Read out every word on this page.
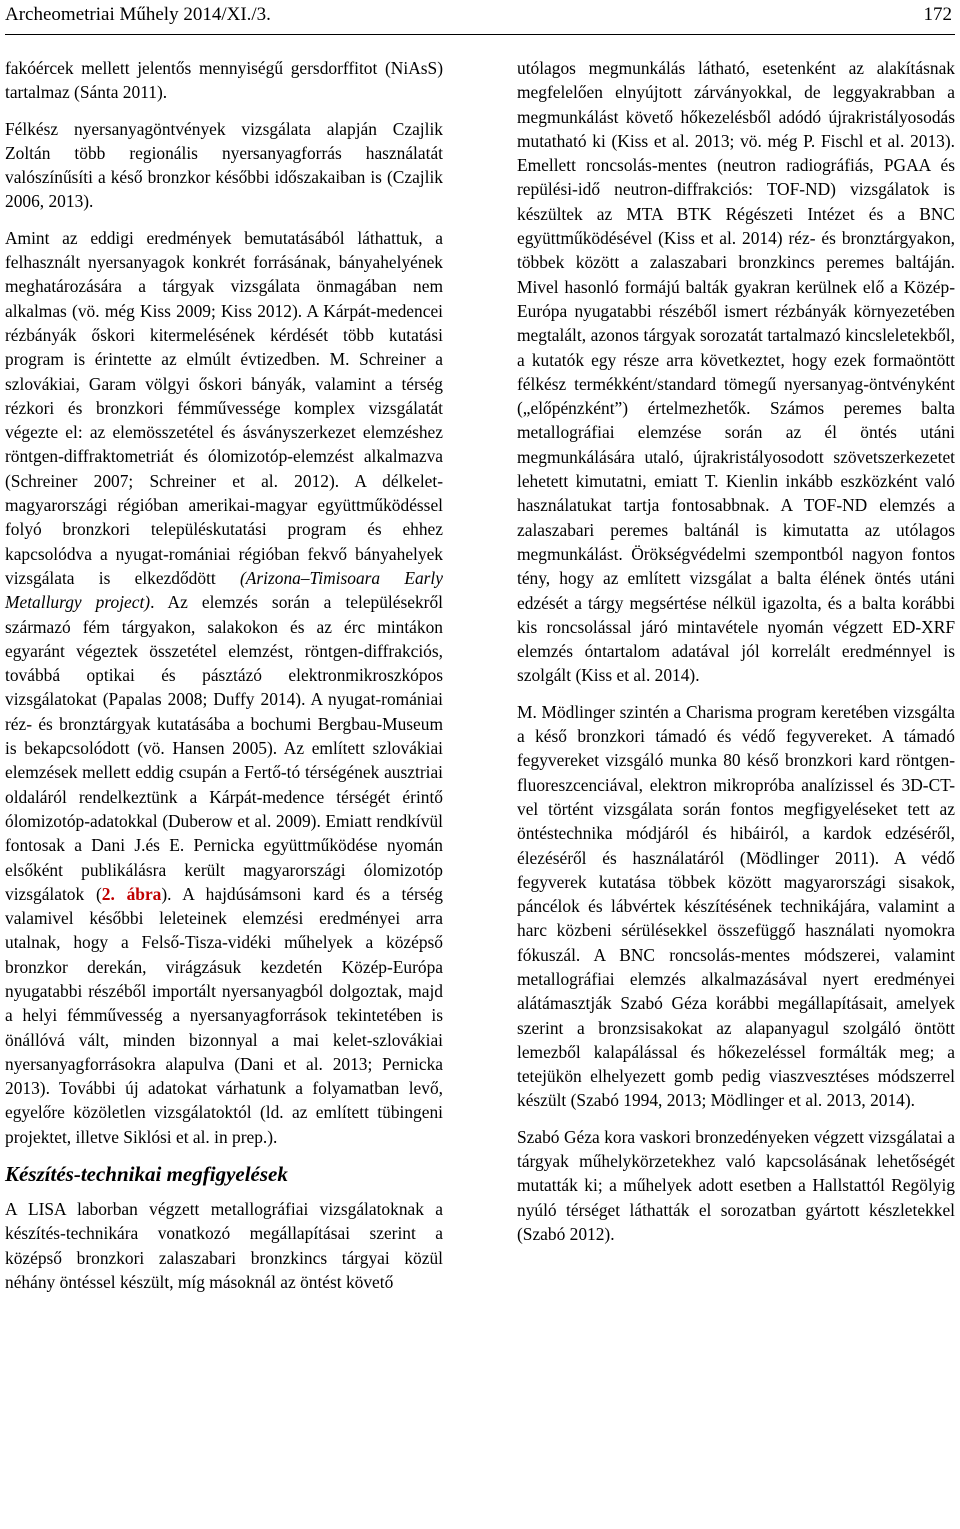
Archeometriai Műhely 2014/XI./3.	172

fakóércek mellett jelentős mennyiségű gersdorffitot (NiAsS) tartalmaz (Sánta 2011).

Félkész nyersanyagöntvények vizsgálata alapján Czajlik Zoltán több regionális nyersanyagforrás használatát valószínűsíti a késő bronzkor későbbi időszakaiban is (Czajlik 2006, 2013).

Amint az eddigi eredmények bemutatásából láthattuk, a felhasznált nyersanyagok konkrét forrásának, bányahelyének meghatározására a tárgyak vizsgálata önmagában nem alkalmas (vö. még Kiss 2009; Kiss 2012). A Kárpát-medencei rézbányák őskori kitermelésének kérdését több kutatási program is érintette az elmúlt évtizedben. M. Schreiner a szlovákiai, Garam völgyi őskori bányák, valamint a térség rézkori és bronzkori fémművessége komplex vizsgálatát végezte el: az elemösszetétel és ásványszerkezet elemzéshez röntgen-diffraktometriát és ólomizotóp-elemzést alkalmazva (Schreiner 2007; Schreiner et al. 2012). A délkelet-magyarországi régióban amerikai-magyar együttműködéssel folyó bronzkori településkutatási program és ehhez kapcsolódva a nyugat-romániai régióban fekvő bányahelyek vizsgálata is elkezdődött (Arizona–Timisoara Early Metallurgy project). Az elemzés során a településekről származó fém tárgyakon, salakokon és az érc mintákon egyaránt végeztek összetétel elemzést, röntgen-diffrakciós, továbbá optikai és pásztázó elektronmikroszkópos vizsgálatokat (Papalas 2008; Duffy 2014). A nyugat-romániai réz- és bronztárgyak kutatásába a bochumi Bergbau-Museum is bekapcsolódott (vö. Hansen 2005). Az említett szlovákiai elemzések mellett eddig csupán a Fertő-tó térségének ausztriai oldaláról rendelkeztünk a Kárpát-medence térségét érintő ólomizotóp-adatokkal (Duberow et al. 2009). Emiatt rendkívül fontosak a Dani J.és E. Pernicka együttműködése nyomán elsőként publikálásra került magyarországi ólomizotóp vizsgálatok (2. ábra). A hajdúsámsoni kard és a térség valamivel későbbi leleteinek elemzési eredményei arra utalnak, hogy a Felső-Tisza-vidéki műhelyek a középső bronzkor derekán, virágzásuk kezdetén Közép-Európa nyugatabbi részéből importált nyersanyagból dolgoztak, majd a helyi fémművesség a nyersanyagforrások tekintetében is önállóvá vált, minden bizonnyal a mai kelet-szlovákiai nyersanyagforrásokra alapulva (Dani et al. 2013; Pernicka 2013). További új adatokat várhatunk a folyamatban levő, egyelőre közöletlen vizsgálatoktól (ld. az említett tübingeni projektet, illetve Siklósi et al. in prep.).

Készítés-technikai megfigyelések

A LISA laborban végzett metallográfiai vizsgálatoknak a készítés-technikára vonatkozó megállapításai szerint a középső bronzkori zalaszabari bronzkincs tárgyai közül néhány öntéssel készült, míg másoknál az öntést követő

utólagos megmunkálás látható, esetenként az alakításnak megfelelően elnyújtott zárványokkal, de leggyakrabban a megmunkálást követő hőkezelésből adódó újrakristályosodás mutatható ki (Kiss et al. 2013; vö. még P. Fischl et al. 2013). Emellett roncsolás-mentes (neutron radiográfiás, PGAA és repülési-idő neutron-diffrakciós: TOF-ND) vizsgálatok is készültek az MTA BTK Régészeti Intézet és a BNC együttműködésével (Kiss et al. 2014) réz- és bronztárgyakon, többek között a zalaszabari bronzkincs peremes baltáján. Mivel hasonló formájú balták gyakran kerülnek elő a Közép-Európa nyugatabbi részéből ismert rézbányák környezetében megtalált, azonos tárgyak sorozatát tartalmazó kincsleletekből, a kutatók egy része arra következtet, hogy ezek formaöntött félkész termékként/standard tömegű nyersanyag-öntvényként („előpénzként”) értelmezhetők. Számos peremes balta metallográfiai elemzése során az él öntés utáni megmunkálására utaló, újrakristályosodott szövetszerkezetet lehetett kimutatni, emiatt T. Kienlin inkább eszközként való használatukat tartja fontosabbnak. A TOF-ND elemzés a zalaszabari peremes baltánál is kimutatta az utólagos megmunkálást. Örökségvédelmi szempontból nagyon fontos tény, hogy az említett vizsgálat a balta élének öntés utáni edzését a tárgy megsértése nélkül igazolta, és a balta korábbi kis roncsolással járó mintavétele nyomán végzett ED-XRF elemzés óntartalom adatával jól korrelált eredménnyel is szolgált (Kiss et al. 2014).

M. Mödlinger szintén a Charisma program keretében vizsgálta a késő bronzkori támadó és védő fegyvereket. A támadó fegyvereket vizsgáló munka 80 késő bronzkori kard röntgen-fluoreszcenciával, elektron mikropróba analízissel és 3D-CT-vel történt vizsgálata során fontos megfigyeléseket tett az öntéstechnika módjáról és hibáiról, a kardok edzéséről, élezéséről és használatáról (Mödlinger 2011). A védő fegyverek kutatása többek között magyarországi sisakok, páncélok és lábvértek készítésének technikájára, valamint a harc közbeni sérülésekkel összefüggő használati nyomokra fókuszál. A BNC roncsolás-mentes módszerei, valamint metallográfiai elemzés alkalmazásával nyert eredményei alátámasztják Szabó Géza korábbi megállapításait, amelyek szerint a bronzsisakokat az alapanyagul szolgáló öntött lemezből kalapálással és hőkezeléssel formálták meg; a tetejükön elhelyezett gomb pedig viaszvesztéses módszerrel készült (Szabó 1994, 2013; Mödlinger et al. 2013, 2014).

Szabó Géza kora vaskori bronzedényeken végzett vizsgálatai a tárgyak műhelykörzetekhez való kapcsolásának lehetőségét mutatták ki; a műhelyek adott esetben a Hallstattól Regölyig nyúló térséget láthatták el sorozatban gyártott készletekkel (Szabó 2012).
